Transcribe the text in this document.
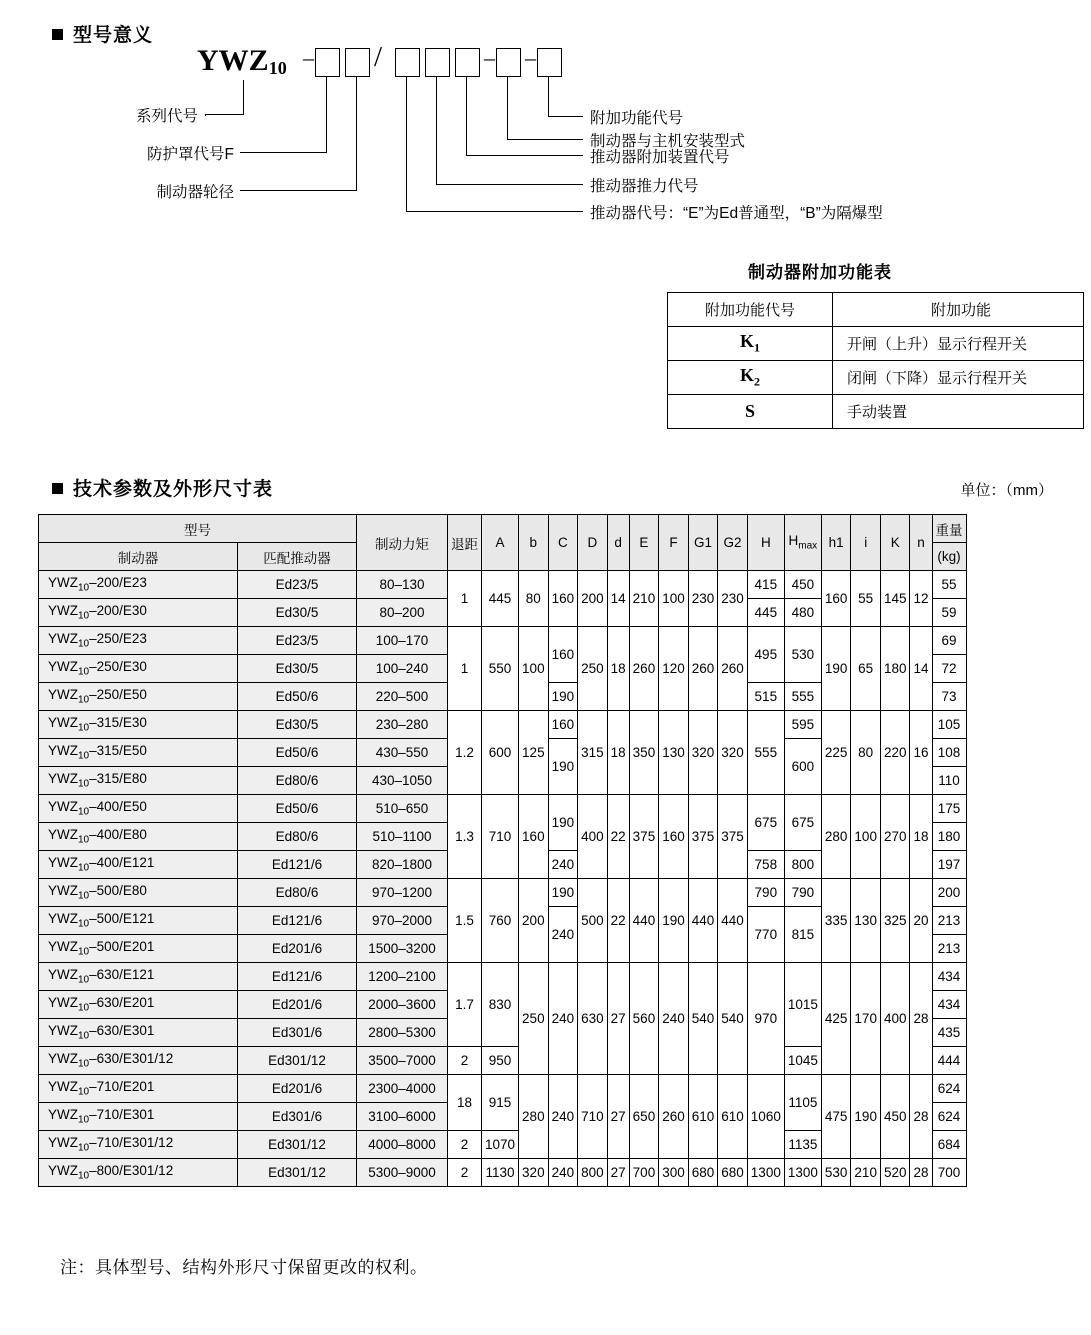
型号意义
$YWZ_{10}$ – /	– –
系列代号
防护罩代号F
制动器轮径
附加功能代号
制动器与主机安装型式
推动器附加装置代号
推动器推力代号
推动器代号：“E”为Ed普通型，“B”为隔爆型
制动器附加功能表
附加功能代号	附加功能
$K_1$	开闸（上升）显示行程开关
$K_2$	闭闸（下降）显示行程开关
S	手动装置
技术参数及外形尺寸表	单位：（mm）
型号		制动力矩	退距	A	b	C	D	d	E	F	G1	G2	H	$H_{max}$	h1	i	K	n	重量
制动器	匹配推动器																		(kg)
$YWZ_{10}-200/E23$	Ed23/5	80–130	1	445	80	160	200	14	210	100	230	230	415	450	160	55	145	12	55
$YWZ_{10}-200/E30$	Ed30/5	80–200											445	480					59
$YWZ_{10}-250/E23$	Ed23/5	100–170	1	550	100	160	250	18	260	120	260	260	495	530	190	65	180	14	69
$YWZ_{10}-250/E30$	Ed30/5	100–240																	72
$YWZ_{10}-250/E50$	Ed50/6	220–500				190							515	555					73
$YWZ_{10}-315/E30$	Ed30/5	230–280	1.2	600	125	160	315	18	350	130	320	320	555	595	225	80	220	16	105
$YWZ_{10}-315/E50$	Ed50/6	430–550				190								600					108
$YWZ_{10}-315/E80$	Ed80/6	430–1050																	110
$YWZ_{10}-400/E50$	Ed50/6	510–650	1.3	710	160	190	400	22	375	160	375	375	675	675	280	100	270	18	175
$YWZ_{10}-400/E80$	Ed80/6	510–1100																	180
$YWZ_{10}-400/E121$	Ed121/6	820–1800				240							758	800					197
$YWZ_{10}-500/E80$	Ed80/6	970–1200	1.5	760	200	190	500	22	440	190	440	440	790	790	335	130	325	20	200
$YWZ_{10}-500/E121$	Ed121/6	970–2000				240							770	815					213
$YWZ_{10}-500/E201$	Ed201/6	1500–3200																	213
$YWZ_{10}-630/E121$	Ed121/6	1200–2100	1.7	830	250	240	630	27	560	240	540	540	970	1015	425	170	400	28	434
$YWZ_{10}-630/E201$	Ed201/6	2000–3600																	434
$YWZ_{10}-630/E301$	Ed301/6	2800–5300																	435
$YWZ_{10}-630/E301/12$	Ed301/12	3500–7000	2	950										1045					444
$YWZ_{10}-710/E201$	Ed201/6	2300–4000	18	915	280	240	710	27	650	260	610	610	1060	1105	475	190	450	28	624
$YWZ_{10}-710/E301$	Ed301/6	3100–6000																	624
$YWZ_{10}-710/E301/12$	Ed301/12	4000–8000	2	1070										1135					684
$YWZ_{10}-800/E301/12$	Ed301/12	5300–9000	2	1130	320	240	800	27	700	300	680	680	1300	1300	530	210	520	28	700
注：具体型号、结构外形尺寸保留更改的权利。
